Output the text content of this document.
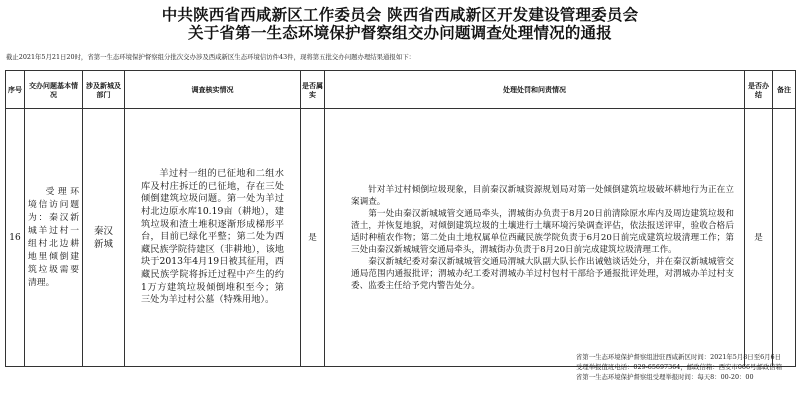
中共陕西省西咸新区工作委员会 陕西省西咸新区开发建设管理委员会
关于省第一生态环境保护督察组交办问题调查处理情况的通报
截止2021年5月21日20时，省第一生态环境保护督察组分批次交办涉及西咸新区生态环境信访件43件，现将第五批交办问题办理结果通报如下：
序号	交办问题基本情况	涉及新城及部门	调查核实情况	是否属实	处理处罚和问责情况	是否办结	备注
16	受理环境信访问题为：秦汉新城羊过村一组村北边耕地里倾倒建筑垃圾需要清理。	秦汉新城	羊过村一组的已征地和二组水库及村庄拆迁的已征地，存在三处倾倒建筑垃圾问题。第一处为羊过村北边原水库10.19亩（耕地），建筑垃圾和渣土堆积逐渐形成梯形平台，目前已绿化平整；第二处为西藏民族学院待建区（非耕地），该地块于2013年4月19日被其征用，西藏民族学院将拆迁过程中产生的约1万方建筑垃圾倾倒堆积至今；第三处为羊过村公墓（特殊用地）。	是	针对羊过村倾倒垃圾现象，目前秦汉新城资源规划局对第一处倾倒建筑垃圾破坏耕地行为正在立案调查。

第一处由秦汉新城城管交通局牵头，渭城街办负责于8月20日前清除原水库内及周边建筑垃圾和渣土，并恢复地貌，对倾倒建筑垃圾的土壤进行土壤环境污染调查评估，依法报送评审，验收合格后适时种植农作物；第二处由土地权属单位西藏民族学院负责于6月20日前完成建筑垃圾清理工作；第三处由秦汉新城城管交通局牵头，渭城街办负责于8月20日前完成建筑垃圾清理工作。

秦汉新城纪委对秦汉新城城管交通局渭城大队副大队长作出诫勉谈话处分，并在秦汉新城城管交通局范围内通报批评；渭城办纪工委对渭城办羊过村包村干部给予通报批评处理，对渭城办羊过村支委、监委主任给予党内警告处分。	是	
省第一生态环境保护督察组进驻西咸新区时间：2021年5月8日至6月6日
受理举报值班电话：029-65697364，邮政信箱：西安市066号邮政信箱
省第一生态环境保护督察组受理举报时间：每天8：00-20：00
